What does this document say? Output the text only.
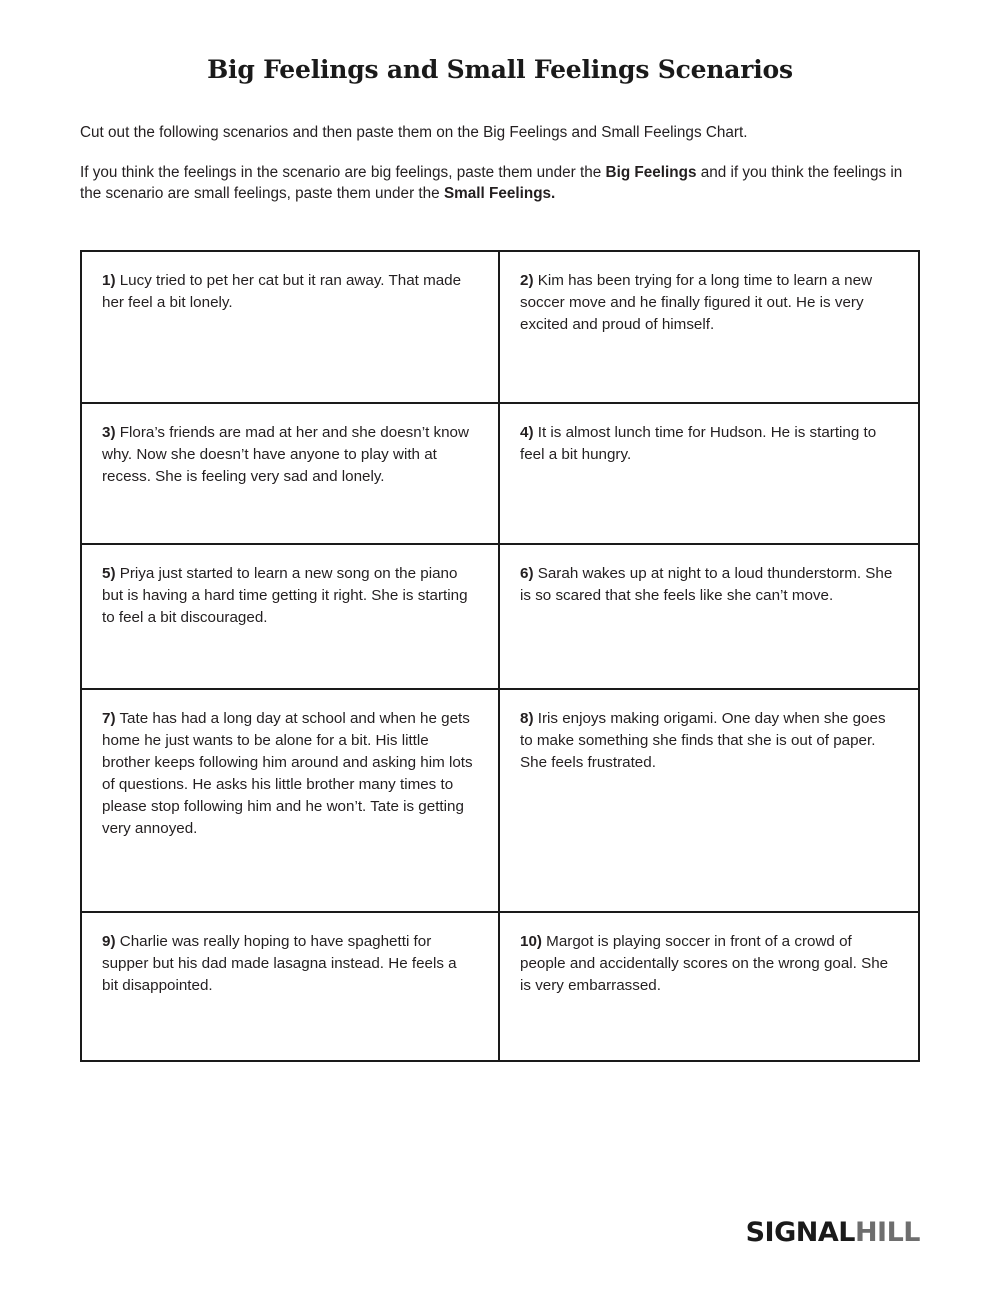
Big Feelings and Small Feelings Scenarios

Cut out the following scenarios and then paste them on the Big Feelings and Small Feelings Chart.

If you think the feelings in the scenario are big feelings, paste them under the Big Feelings and if you think the feelings in the scenario are small feelings, paste them under the Small Feelings.

1) Lucy tried to pet her cat but it ran away. That made her feel a bit lonely.
2) Kim has been trying for a long time to learn a new soccer move and he finally figured it out. He is very excited and proud of himself.
3) Flora’s friends are mad at her and she doesn’t know why. Now she doesn’t have anyone to play with at recess. She is feeling very sad and lonely.
4) It is almost lunch time for Hudson. He is starting to feel a bit hungry.
5) Priya just started to learn a new song on the piano but is having a hard time getting it right. She is starting to feel a bit discouraged.
6) Sarah wakes up at night to a loud thunderstorm. She is so scared that she feels like she can’t move.
7) Tate has had a long day at school and when he gets home he just wants to be alone for a bit. His little brother keeps following him around and asking him lots of questions. He asks his little brother many times to please stop following him and he won’t. Tate is getting very annoyed.
8) Iris enjoys making origami. One day when she goes to make something she finds that she is out of paper. She feels frustrated.
9) Charlie was really hoping to have spaghetti for supper but his dad made lasagna instead. He feels a bit disappointed.
10) Margot is playing soccer in front of a crowd of people and accidentally scores on the wrong goal. She is very embarrassed.
SIGNAL HILL
